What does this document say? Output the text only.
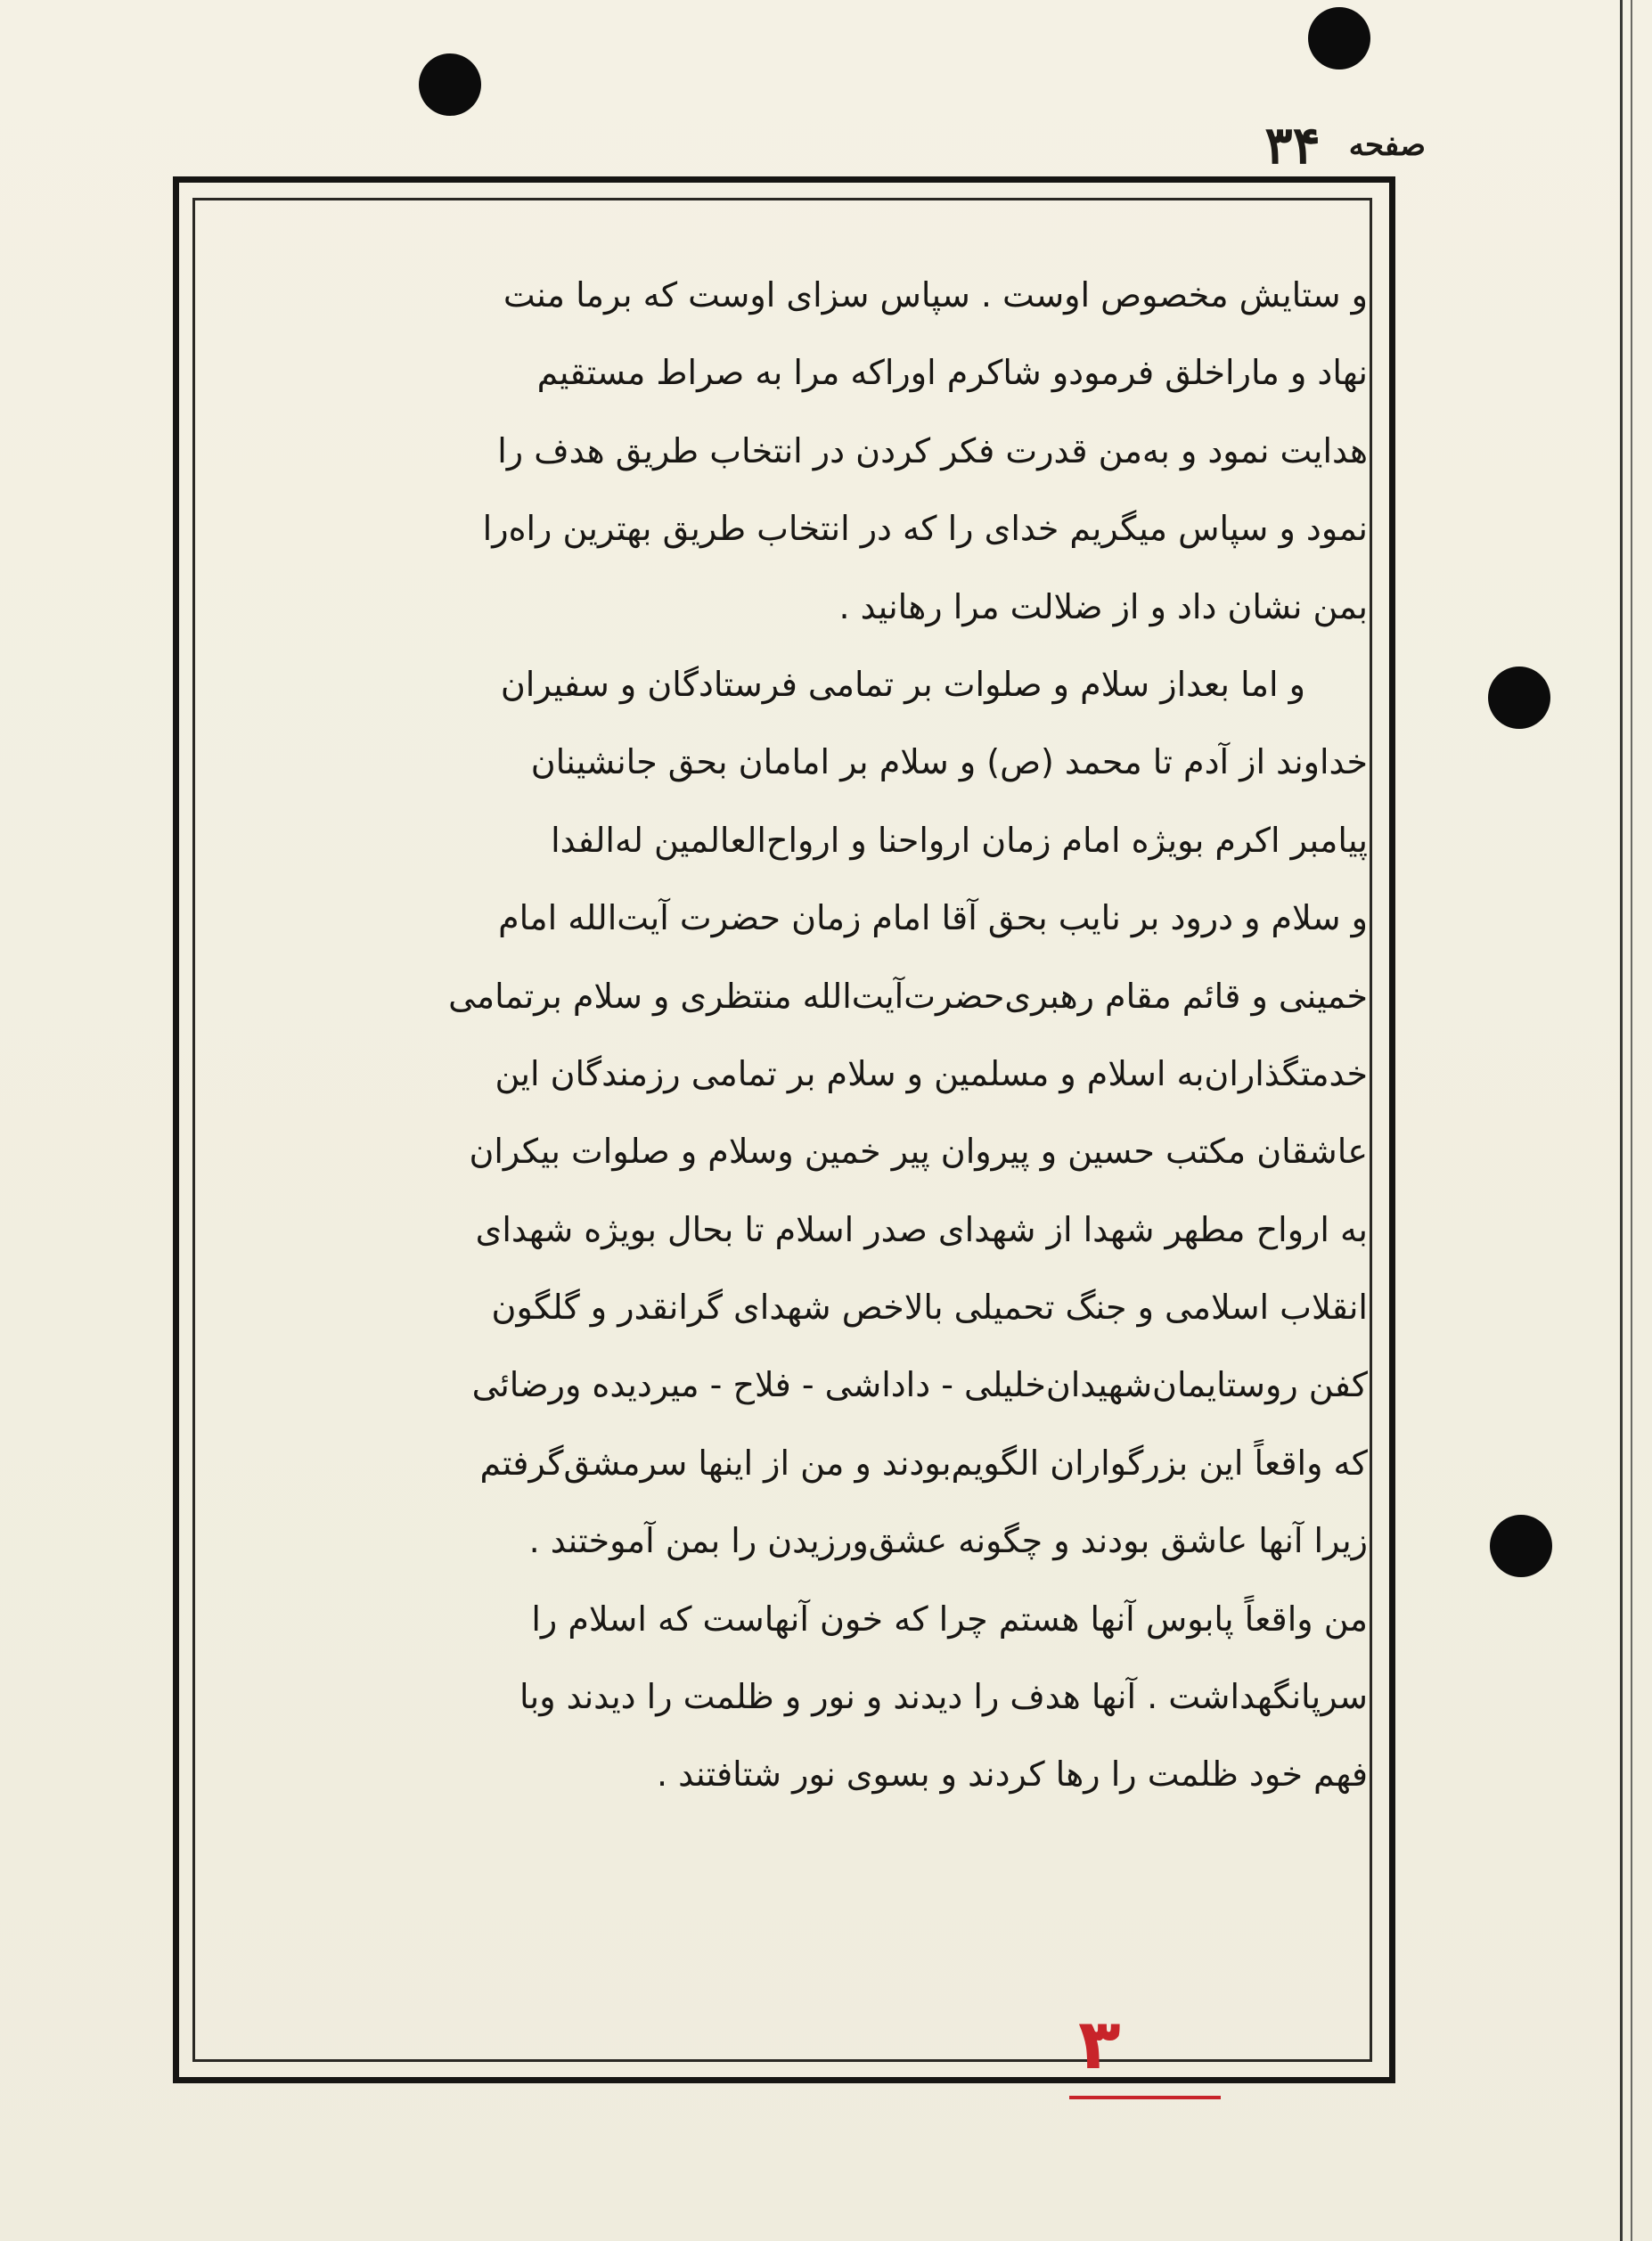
صفحه
۳۴
و ستایش مخصوص اوست . سپاس سزای اوست که برما منت
نهاد و ماراخلق فرمودو شاکرم اوراکه مرا به صراط مستقیم
هدایت نمود و به‌من قدرت فکر کردن در انتخاب طریق هدف را
نمود و سپاس میگریم خدای را که در انتخاب طریق بهترین راه‌را
بمن نشان داد و از ضلالت مرا رهانید .
و اما بعداز سلام و صلوات بر تمامی فرستادگان و سفیران
خداوند از آدم تا محمد (ص) و سلام بر امامان بحق جانشینان
پیامبر اکرم بویژه امام زمان ارواحنا و ارواح‌العالمین له‌الفدا
و سلام و درود بر نایب بحق آقا امام زمان حضرت آیت‌الله امام
خمینی و قائم مقام رهبری‌حضرت‌آیت‌الله منتظری و سلام برتمامی
خدمتگذاران‌به اسلام و مسلمین و سلام بر تمامی رزمندگان این
عاشقان مکتب حسین و پیروان پیر خمین وسلام و صلوات بیکران
به ارواح مطهر شهدا از شهدای صدر اسلام تا بحال بویژه شهدای
انقلاب اسلامی و جنگ تحمیلی بالاخص شهدای گرانقدر و گلگون
کفن روستایمان‌شهیدان‌خلیلی - داداشی - فلاح - میردیده ورضائی
که واقعاً این بزرگواران الگویم‌بودند و من از اینها سرمشق‌گرفتم
زیرا آنها عاشق بودند و چگونه عشق‌ورزیدن را بمن آموختند .
من واقعاً پابوس آنها هستم چرا که خون آنهاست که اسلام را
سرپانگهداشت . آنها هدف را دیدند و نور و ظلمت را دیدند وبا
فهم خود ظلمت را رها کردند و بسوی نور شتافتند .
۳
